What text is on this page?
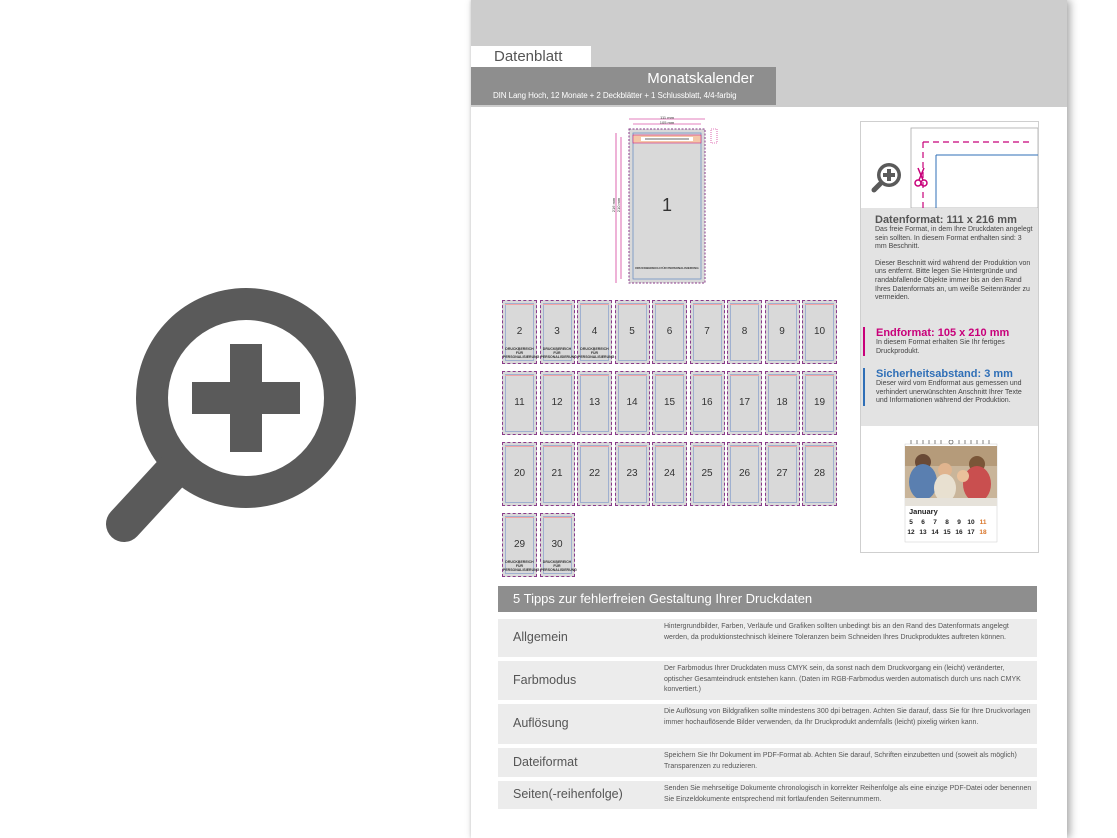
Datenblatt
Monatskalender
DIN Lang Hoch, 12 Monate + 2 Deckblätter + 1 Schlussblatt, 4/4-farbig
111 mm
105 mm
216 mm 210 mm 1
DRUCKBEREICH FÜR PERSONALISIERUNG
2
DRUCKBEREICH FÜR PERSONALISIERUNG
3
DRUCKBEREICH FÜR PERSONALISIERUNG
4
DRUCKBEREICH FÜR PERSONALISIERUNG
5	6	7	8	9	10
11	12	13	14	15	16	17	18	19
20	21	22	23	24	25	26	27	28
29
DRUCKBEREICH FÜR PERSONALISIERUNG
30
DRUCKBEREICH FÜR PERSONALISIERUNG
Datenformat: 111 x 216 mm
Das freie Format, in dem Ihre Druckdaten angelegt sein sollten. In diesem Format enthalten sind: 3 mm Beschnitt.
Dieser Beschnitt wird während der Produktion von uns entfernt. Bitte legen Sie Hintergründe und randabfallende Objekte immer bis an den Rand Ihres Datenformats an, um weiße Seitenränder zu vermeiden.
Endformat: 105 x 210 mm
In diesem Format erhalten Sie Ihr fertiges Druckprodukt.
Sicherheitsabstand: 3 mm
Dieser wird vom Endformat aus gemessen und verhindert unerwünschten Anschnitt Ihrer Texte und Informationen während der Produktion.
January
5 6 7 8 9 10 11
12 13 14 15 16 17 18
5 Tipps zur fehlerfreien Gestaltung Ihrer Druckdaten
Allgemein
Hintergrundbilder, Farben, Verläufe und Grafiken sollten unbedingt bis an den Rand des Datenformats angelegt werden, da produktionstechnisch kleinere Toleranzen beim Schneiden Ihres Druckproduktes auftreten können.
Farbmodus
Der Farbmodus Ihrer Druckdaten muss CMYK sein, da sonst nach dem Druckvorgang ein (leicht) veränderter, optischer Gesamteindruck entstehen kann. (Daten im RGB-Farbmodus werden automatisch durch uns nach CMYK konvertiert.)
Auflösung
Die Auflösung von Bildgrafiken sollte mindestens 300 dpi betragen. Achten Sie darauf, dass Sie für Ihre Druckvorlagen immer hochauflösende Bilder verwenden, da Ihr Druckprodukt andernfalls (leicht) pixelig wirken kann.
Dateiformat	Speichern Sie Ihr Dokument im PDF-Format ab. Achten Sie darauf, Schriften einzubetten und (soweit als möglich) Transparenzen zu reduzieren.
Seiten(-reihenfolge)	Senden Sie mehrseitige Dokumente chronologisch in korrekter Reihenfolge als eine einzige PDF-Datei oder benennen Sie Einzeldokumente entsprechend mit fortlaufenden Seitennummern.
